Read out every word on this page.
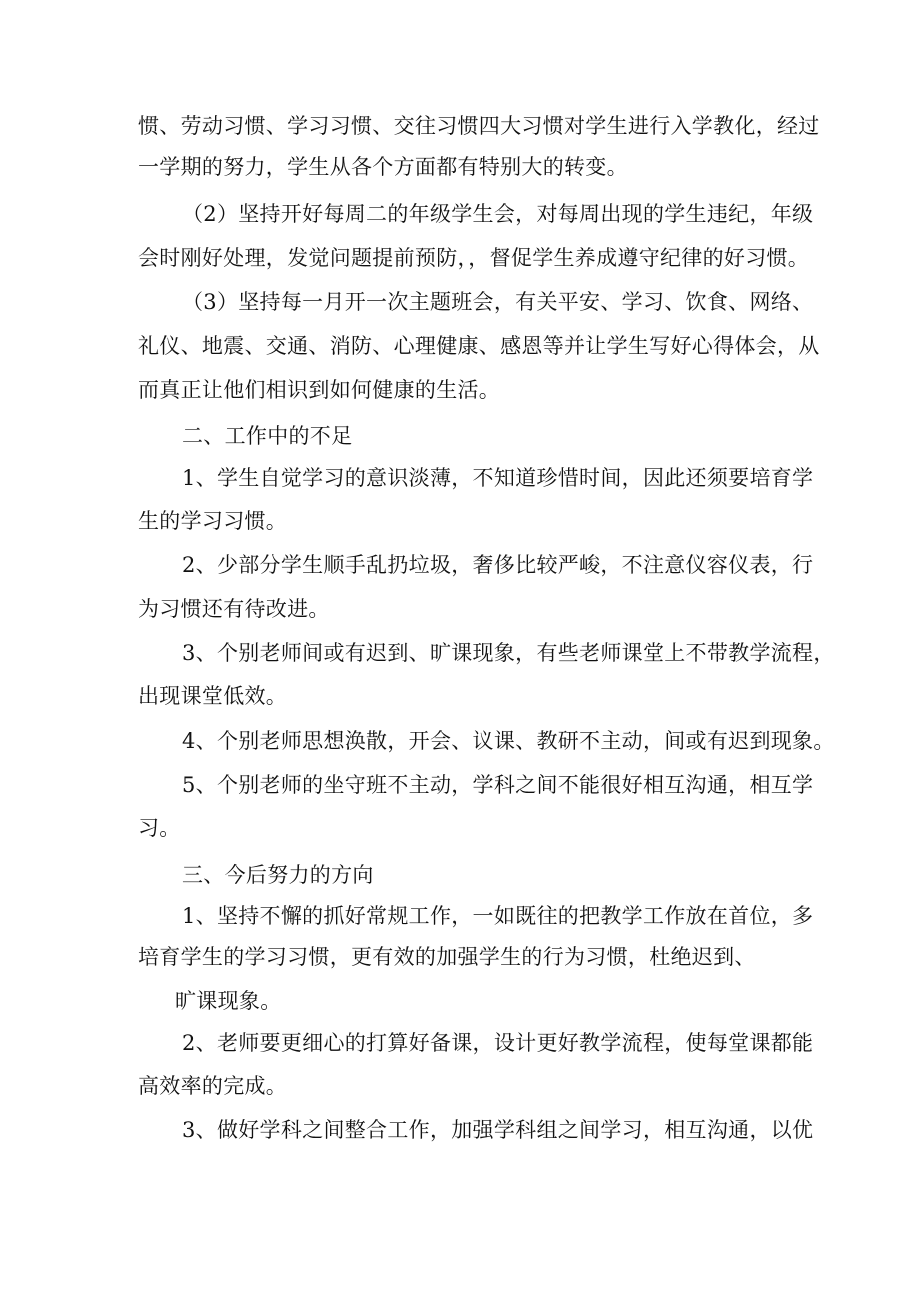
惯、劳动习惯、学习习惯、交往习惯四大习惯对学生进行入学教化，经过
一学期的努力，学生从各个方面都有特别大的转变。
（2）坚持开好每周二的年级学生会，对每周出现的学生违纪，年级
会时刚好处理，发觉问题提前预防，，督促学生养成遵守纪律的好习惯。
（3）坚持每一月开一次主题班会，有关平安、学习、饮食、网络、
礼仪、地震、交通、消防、心理健康、感恩等并让学生写好心得体会，从
而真正让他们相识到如何健康的生活。
二、工作中的不足
1、学生自觉学习的意识淡薄，不知道珍惜时间，因此还须要培育学
生的学习习惯。
2、少部分学生顺手乱扔垃圾，奢侈比较严峻，不注意仪容仪表，行
为习惯还有待改进。
3、个别老师间或有迟到、旷课现象，有些老师课堂上不带教学流程，
出现课堂低效。
4、个别老师思想涣散，开会、议课、教研不主动，间或有迟到现象。
5、个别老师的坐守班不主动，学科之间不能很好相互沟通，相互学
习。
三、今后努力的方向
1、坚持不懈的抓好常规工作，一如既往的把教学工作放在首位，多
培育学生的学习习惯，更有效的加强学生的行为习惯，杜绝迟到、
旷课现象。
2、老师要更细心的打算好备课，设计更好教学流程，使每堂课都能
高效率的完成。
3、做好学科之间整合工作，加强学科组之间学习，相互沟通，以优
